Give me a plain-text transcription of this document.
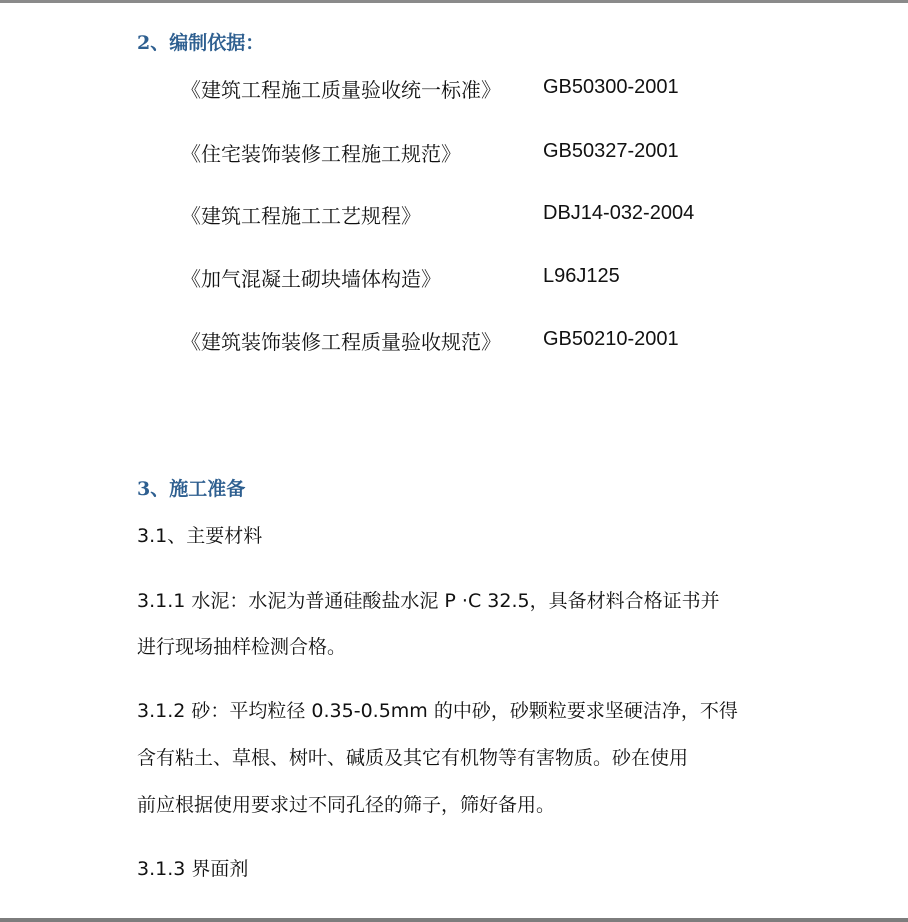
2、编制依据：
《建筑工程施工质量验收统一标准》 GB50300-2001
《住宅装饰装修工程施工规范》	GB50327-2001
《建筑工程施工工艺规程》	DBJ14-032-2004
《加气混凝土砌块墙体构造》	L96J125
《建筑装饰装修工程质量验收规范》 GB50210-2001
3、施工准备
3.1、主要材料
3.1.1 水泥：水泥为普通硅酸盐水泥 P ·C 32.5，具备材料合格证书并
进行现场抽样检测合格。
3.1.2 砂：平均粒径 0.35-0.5mm 的中砂，砂颗粒要求坚硬洁净，不得
含有粘土、草根、树叶、碱质及其它有机物等有害物质。砂在使用
前应根据使用要求过不同孔径的筛子，筛好备用。
3.1.3 界面剂
